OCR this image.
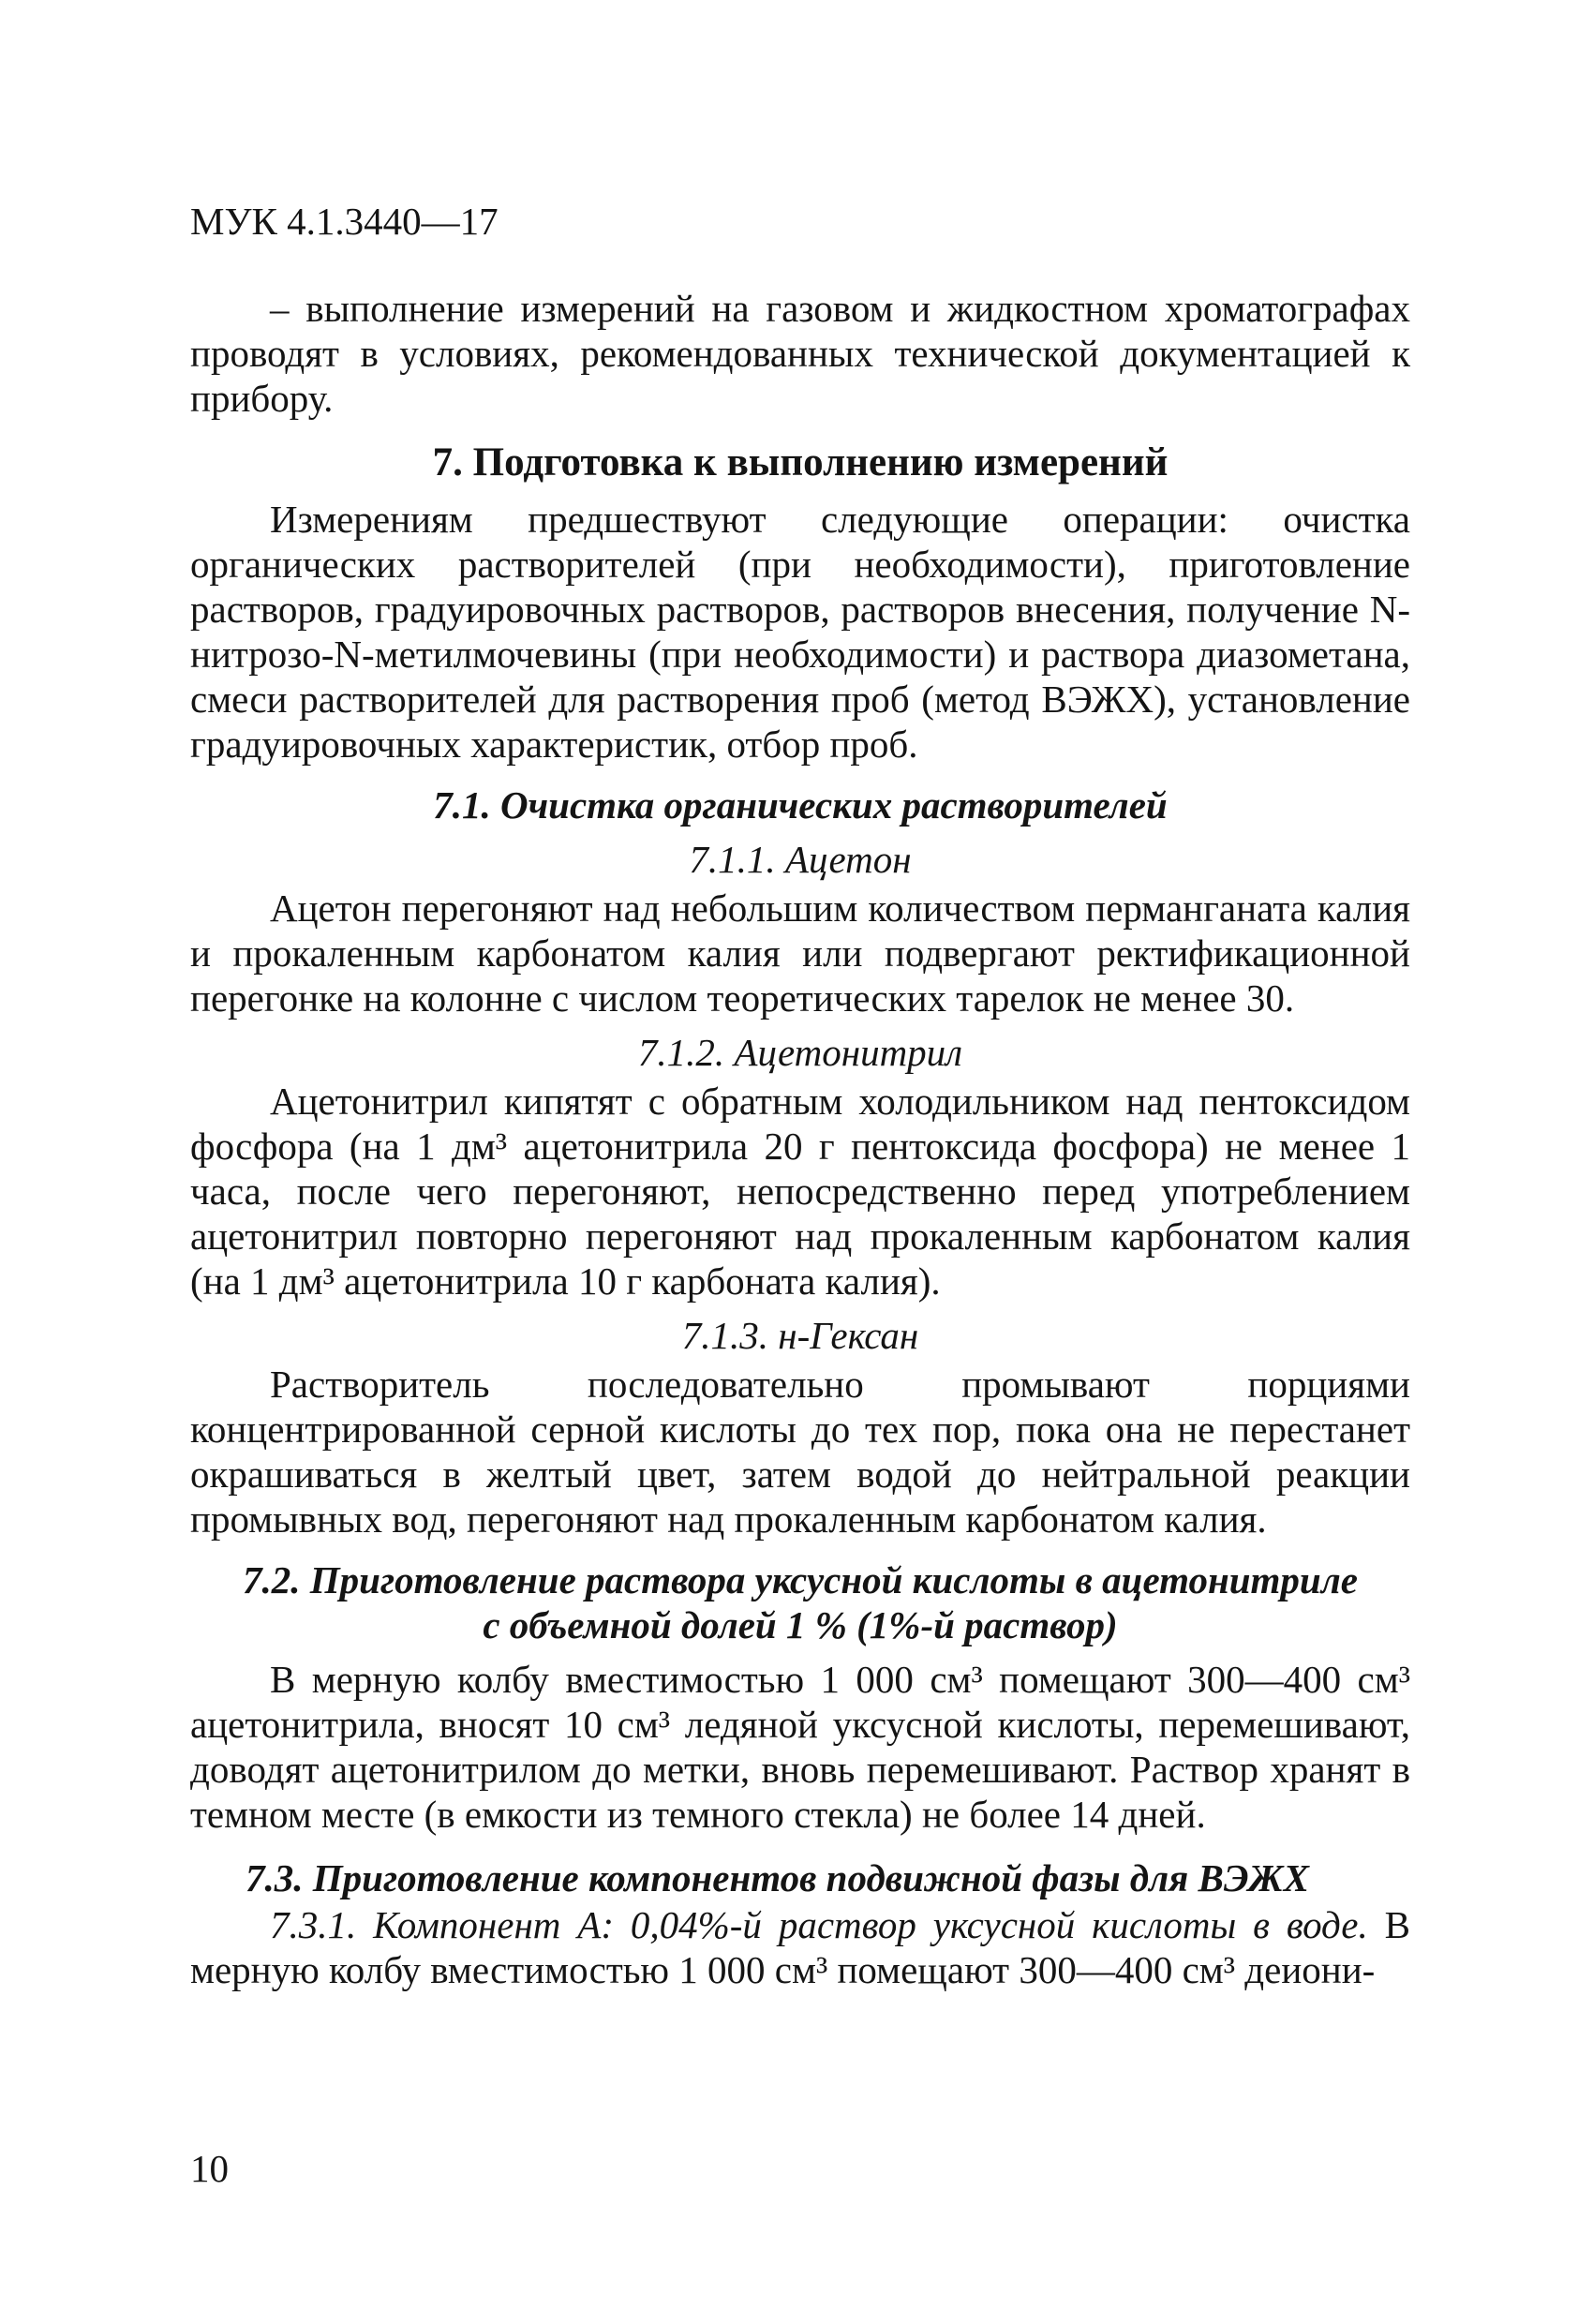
МУК 4.1.3440—17

– выполнение измерений на газовом и жидкостном хроматографах проводят в условиях, рекомендованных технической документацией к прибору.

7. Подготовка к выполнению измерений

Измерениям предшествуют следующие операции: очистка органических растворителей (при необходимости), приготовление растворов, градуировочных растворов, растворов внесения, получение N-нитрозо-N-метилмочевины (при необходимости) и раствора диазометана, смеси растворителей для растворения проб (метод ВЭЖХ), установление градуировочных характеристик, отбор проб.

7.1. Очистка органических растворителей
7.1.1. Ацетон

Ацетон перегоняют над небольшим количеством перманганата калия и прокаленным карбонатом калия или подвергают ректификационной перегонке на колонне с числом теоретических тарелок не менее 30.

7.1.2. Ацетонитрил

Ацетонитрил кипятят с обратным холодильником над пентоксидом фосфора (на 1 дм³ ацетонитрила 20 г пентоксида фосфора) не менее 1 часа, после чего перегоняют, непосредственно перед употреблением ацетонитрил повторно перегоняют над прокаленным карбонатом калия (на 1 дм³ ацетонитрила 10 г карбоната калия).

7.1.3. н-Гексан

Растворитель последовательно промывают порциями концентрированной серной кислоты до тех пор, пока она не перестанет окрашиваться в желтый цвет, затем водой до нейтральной реакции промывных вод, перегоняют над прокаленным карбонатом калия.

7.2. Приготовление раствора уксусной кислоты в ацетонитриле
с объемной долей 1 % (1%-й раствор)

В мерную колбу вместимостью 1 000 см³ помещают 300—400 см³ ацетонитрила, вносят 10 см³ ледяной уксусной кислоты, перемешивают, доводят ацетонитрилом до метки, вновь перемешивают. Раствор хранят в темном месте (в емкости из темного стекла) не более 14 дней.

7.3. Приготовление компонентов подвижной фазы для ВЭЖХ

7.3.1. Компонент А: 0,04%-й раствор уксусной кислоты в воде. В мерную колбу вместимостью 1 000 см³ помещают 300—400 см³ деиони-

10
